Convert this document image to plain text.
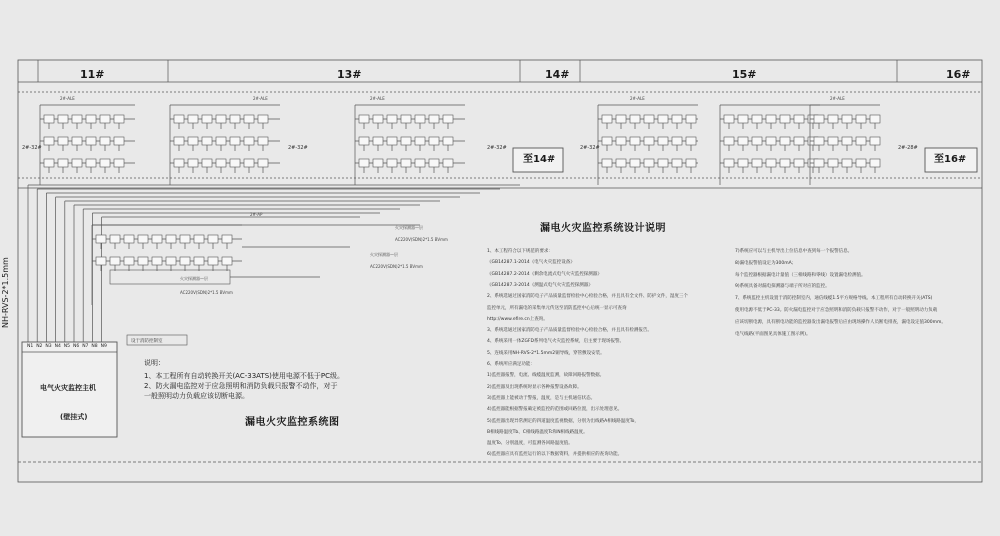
11#	13#	14#	15#	16#
至14#	至16#
2#-32#	2#-32#	2#-32#	2#-32#	2#-28#
2#-ALE	2#-ALE	2#-ALE	2#-ALE	2#-ALE
2#-AP
火灾探测器—层
火灾探测器—层
火灾探测器—层
AC220V(SDN)2*1.5 BVmm
AC220V(SDN)2*1.5 BVmm
AC220V(SDN)2*1.5 BVmm
NH-RVS-2*1.5mm
N1 N2 N3 N4 N5 N6 N7 N8 N9
电气火灾监控主机
(壁挂式)
设于消防控制室
说明：
1、本工程所有自动转换开关(AC-33ATS)使用电源不低于PC级。
2、防火漏电监控对于应急照明和消防负载只报警不动作，对于
一般照明动力负载应该切断电源。
漏电火灾监控系统图
漏电火灾监控系统设计说明
1、本工程符合以下规范的要求：
《GB14287.1-2014《电气火灾监控设备》
《GB14287.2-2014《剩余电流式电气火灾监控探测器》
《GB14287.3-2014《测温式电气火灾监控探测器》
2、系统选通过国家消防电子产品质量监督检验中心检验合格，并且具有全文件、防护文件，湿度三个
监控单元，所有漏电的采集单元传送至消防监控中心后统一显示可查询
http://www.efire.cn上查询。
3、系统选通过国家消防电子产品质量监督检验中心检验合格，并且具有检测报告。
4、系统采用一体ZGFD系列电气火灾监控系统，启主要于现场报警。
5、连线采用NH-RVS-2*1.5mm2铜导线，穿管敷设安装。
6、系统所应满足功能：
1)监控器报警，电流、线缆温度监测，故障回路报警数据。
2)监控器及出现系统时显示各种报警设备故障。
3)监控器上能被动于警报，温度，是与主机通信状态。
4)监控器能根据警报确定被监控的范围或回路位置，出示处理意见。
5)监控器出现异常测定的四道温度监视数据，分别为出线路A相线路温度To，
B相线路温度Tb、C相线路温度Tc和N相线路温度。
温度To、分别温度，可监测各回路温度值。
6)监控器应具有监控运行的以下数据资料，并提供相应的查询功能。
7)系统应可以与主机导出上位信息中查到每一个报警信息。
8)漏电报警值设定为300mA；
每个监控器根据漏电计量值（三相线路和零线）设置漏电检测值。
9)系统具备对漏电探测器与端子所对应的监控。
7、系统监控主机设置于消防控制室内，通信线缆1.5平方规格导线。本工程所有自动转换开关(ATS)
使用电源不低于PC-33。防火漏电监控对于应急照明和消防负载只报警不动作，对于一般照明动力负载
应该切断电源，具有断电功能的监控器发出漏电报警后应由现场操作人员断电排查，漏电设定值300mm。
电气线路(平面图见具体施工图示例)。
